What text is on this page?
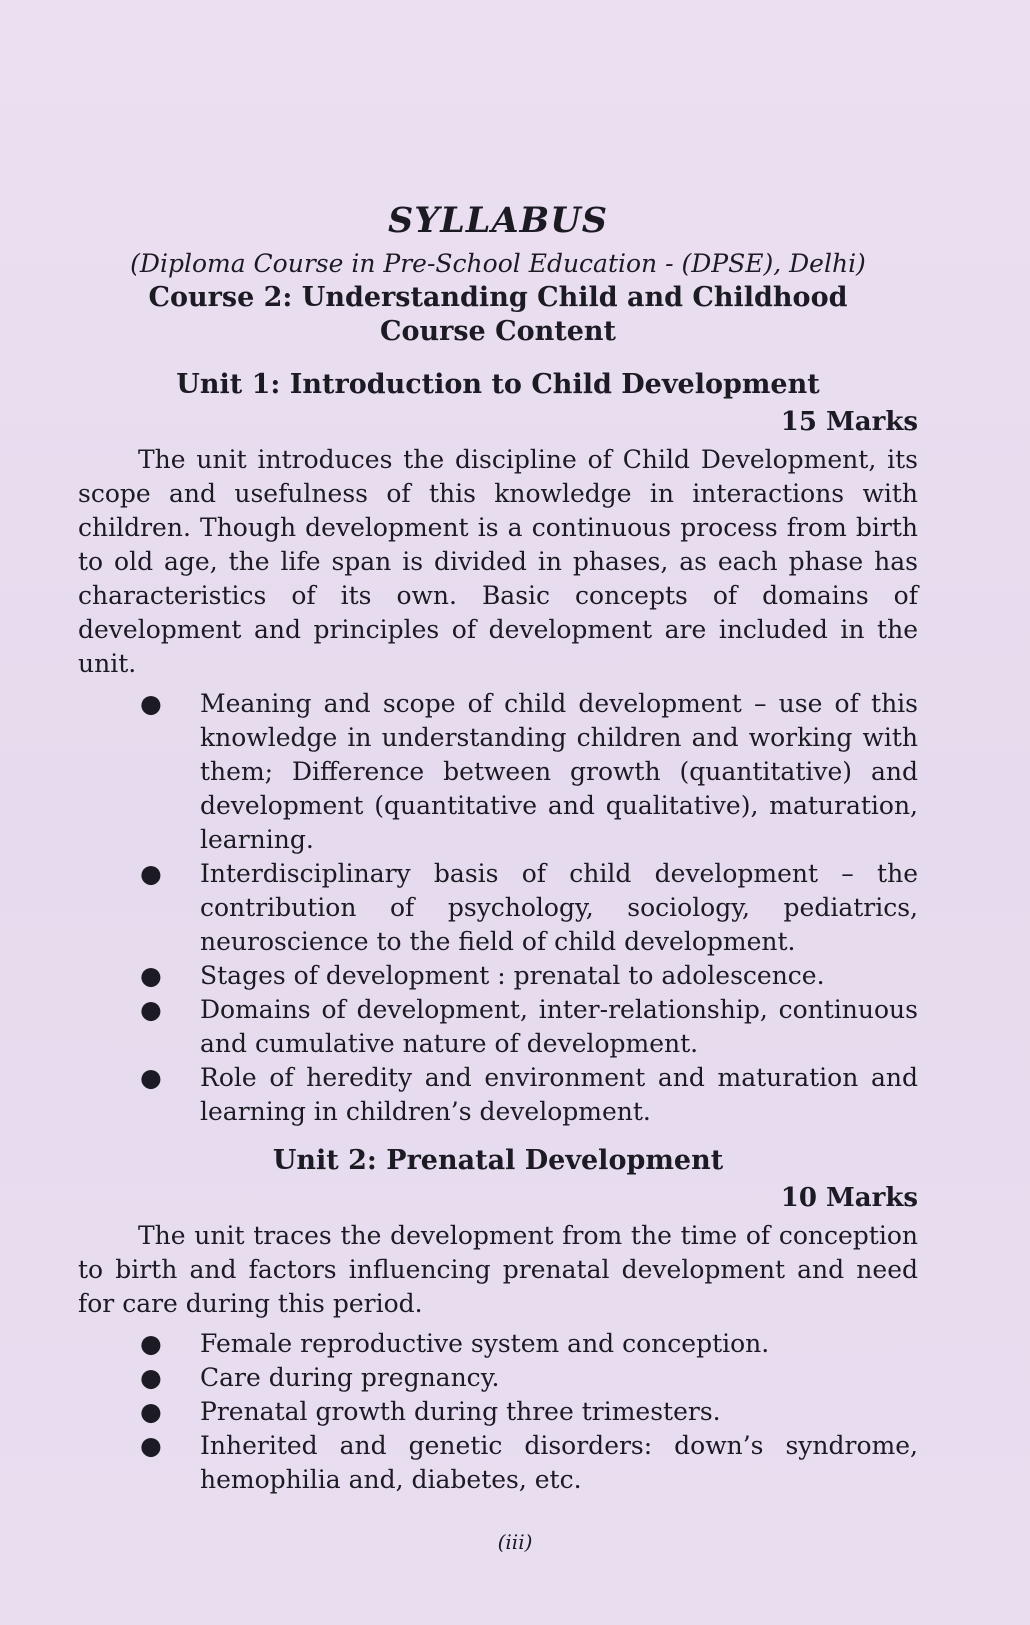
SYLLABUS

(Diploma Course in Pre-School Education - (DPSE), Delhi)

Course 2: Understanding Child and Childhood

Course Content

Unit 1: Introduction to Child Development
15 Marks

The unit introduces the discipline of Child Development, its scope and usefulness of this knowledge in interactions with children. Though development is a continuous process from birth to old age, the life span is divided in phases, as each phase has characteristics of its own. Basic concepts of domains of development and principles of development are included in the unit.

● Meaning and scope of child development – use of this knowledge in understanding children and working with them; Difference between growth (quantitative) and development (quantitative and qualitative), maturation, learning.
● Interdisciplinary basis of child development – the contribution of psychology, sociology, pediatrics, neuroscience to the field of child development.
● Stages of development : prenatal to adolescence.
● Domains of development, inter-relationship, continuous and cumulative nature of development.
● Role of heredity and environment and maturation and learning in children’s development.
Unit 2: Prenatal Development
10 Marks

The unit traces the development from the time of conception to birth and factors influencing prenatal development and need for care during this period.

● Female reproductive system and conception.
● Care during pregnancy.
● Prenatal growth during three trimesters.
● Inherited and genetic disorders: down’s syndrome, hemophilia and, diabetes, etc.
(iii)
